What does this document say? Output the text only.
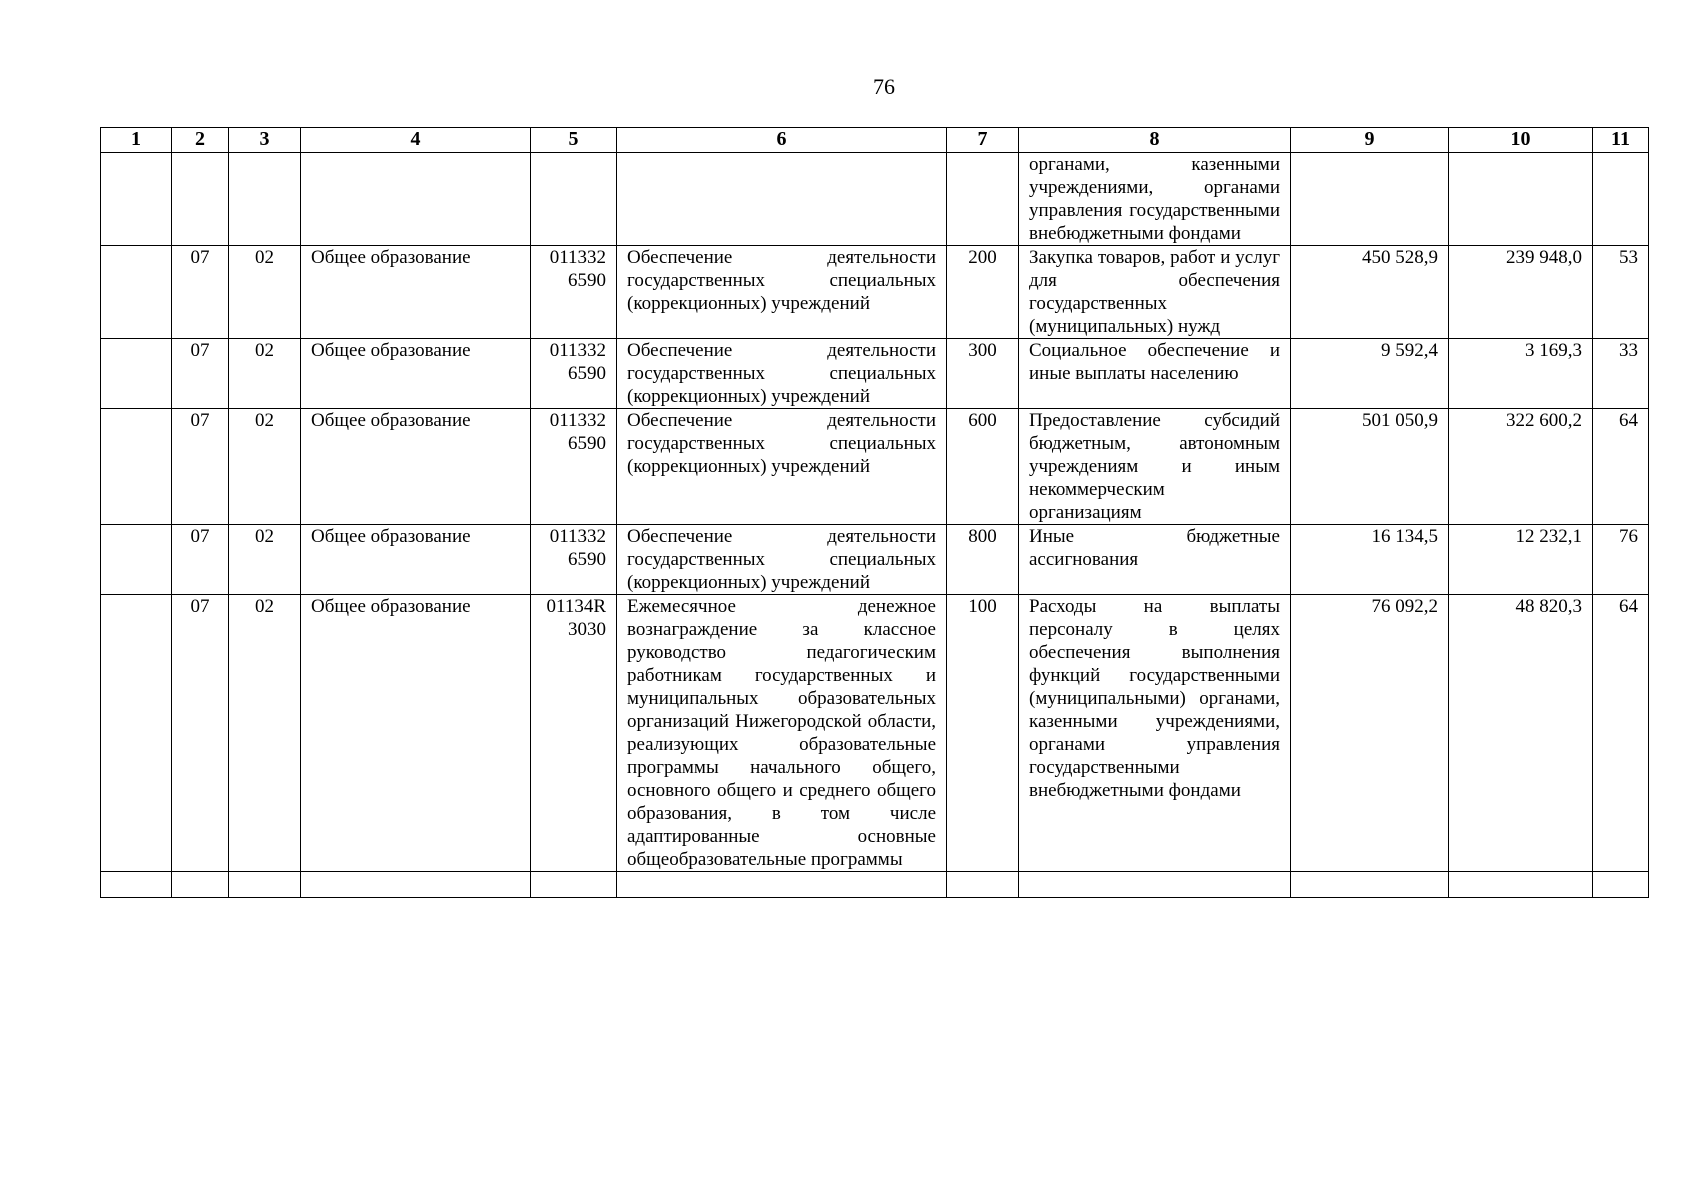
76
1	2	3	4	5	6	7	8	9	10	11
							органами, казенными учреждениями, органами управления государственными внебюджетными фондами			
	07	02	Общее образование	0113326590	Обеспечение деятельности государственных специальных (коррекционных) учреждений	200	Закупка товаров, работ и услуг для обеспечения государственных (муниципальных) нужд	450 528,9	239 948,0	53
	07	02	Общее образование	0113326590	Обеспечение деятельности государственных специальных (коррекционных) учреждений	300	Социальное обеспечение и иные выплаты населению	9 592,4	3 169,3	33
	07	02	Общее образование	0113326590	Обеспечение деятельности государственных специальных (коррекционных) учреждений	600	Предоставление субсидий бюджетным, автономным учреждениям и иным некоммерческим организациям	501 050,9	322 600,2	64
	07	02	Общее образование	0113326590	Обеспечение деятельности государственных специальных (коррекционных) учреждений	800	Иные бюджетные ассигнования	16 134,5	12 232,1	76
	07	02	Общее образование	01134R3030	Ежемесячное денежное вознаграждение за классное руководство педагогическим работникам государственных и муниципальных образовательных организаций Нижегородской области, реализующих образовательные программы начального общего, основного общего и среднего общего образования, в том числе адаптированные основные общеобразовательные программы	100	Расходы на выплаты персоналу в целях обеспечения выполнения функций государственными (муниципальными) органами, казенными учреждениями, органами управления государственными внебюджетными фондами	76 092,2	48 820,3	64
